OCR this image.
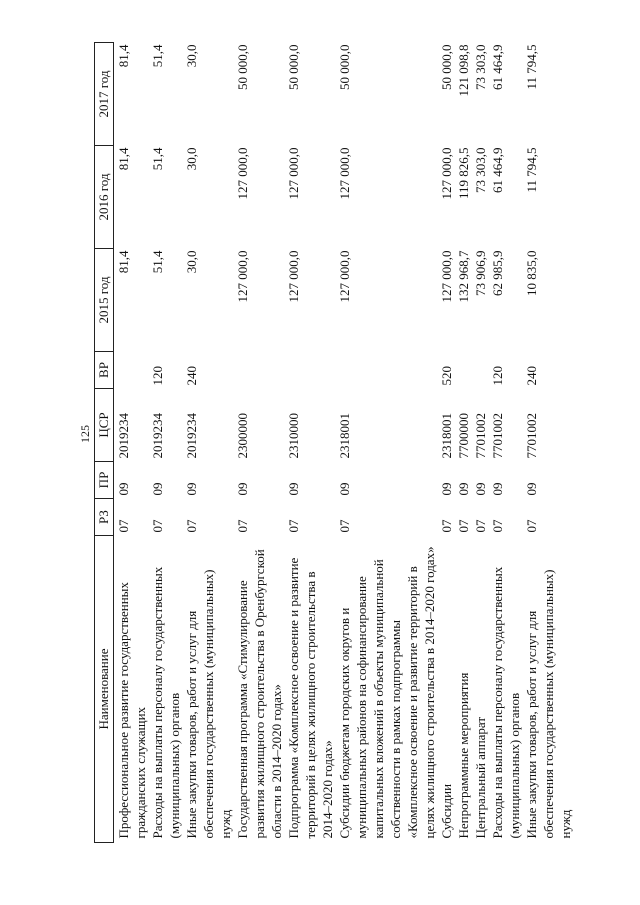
125
Наименование	РЗ	ПР	ЦСР	ВР	2015 год	2016 год	2017 год
Профессиональное развитие государственных гражданских служащих	07	09	2019234		81,4	81,4	81,4
Расходы на выплаты персоналу государственных (муниципальных) органов	07	09	2019234	120	51,4	51,4	51,4
Иные закупки товаров, работ и услуг для обеспечения государственных (муниципальных) нужд	07	09	2019234	240	30,0	30,0	30,0
Государственная программа «Стимулирование развития жилищного строительства в Оренбургской области в 2014–2020 годах»	07	09	2300000		127 000,0	127 000,0	50 000,0
Подпрограмма «Комплексное освоение и развитие территорий в целях жилищного строительства в 2014–2020 годах»	07	09	2310000		127 000,0	127 000,0	50 000,0
Субсидии бюджетам городских округов и муниципальных районов на софинансирование капитальных вложений в объекты муниципальной собственности в рамках подпрограммы «Комплексное освоение и развитие территорий в целях жилищного строительства в 2014–2020 годах»	07	09	2318001		127 000,0	127 000,0	50 000,0
Субсидии	07	09	2318001	520	127 000,0	127 000,0	50 000,0
Непрограммные мероприятия	07	09	7700000		132 968,7	119 826,5	121 098,8
Центральный аппарат	07	09	7701002		73 906,9	73 303,0	73 303,0
Расходы на выплаты персоналу государственных (муниципальных) органов	07	09	7701002	120	62 985,9	61 464,9	61 464,9
Иные закупки товаров, работ и услуг для обеспечения государственных (муниципальных) нужд	07	09	7701002	240	10 835,0	11 794,5	11 794,5
